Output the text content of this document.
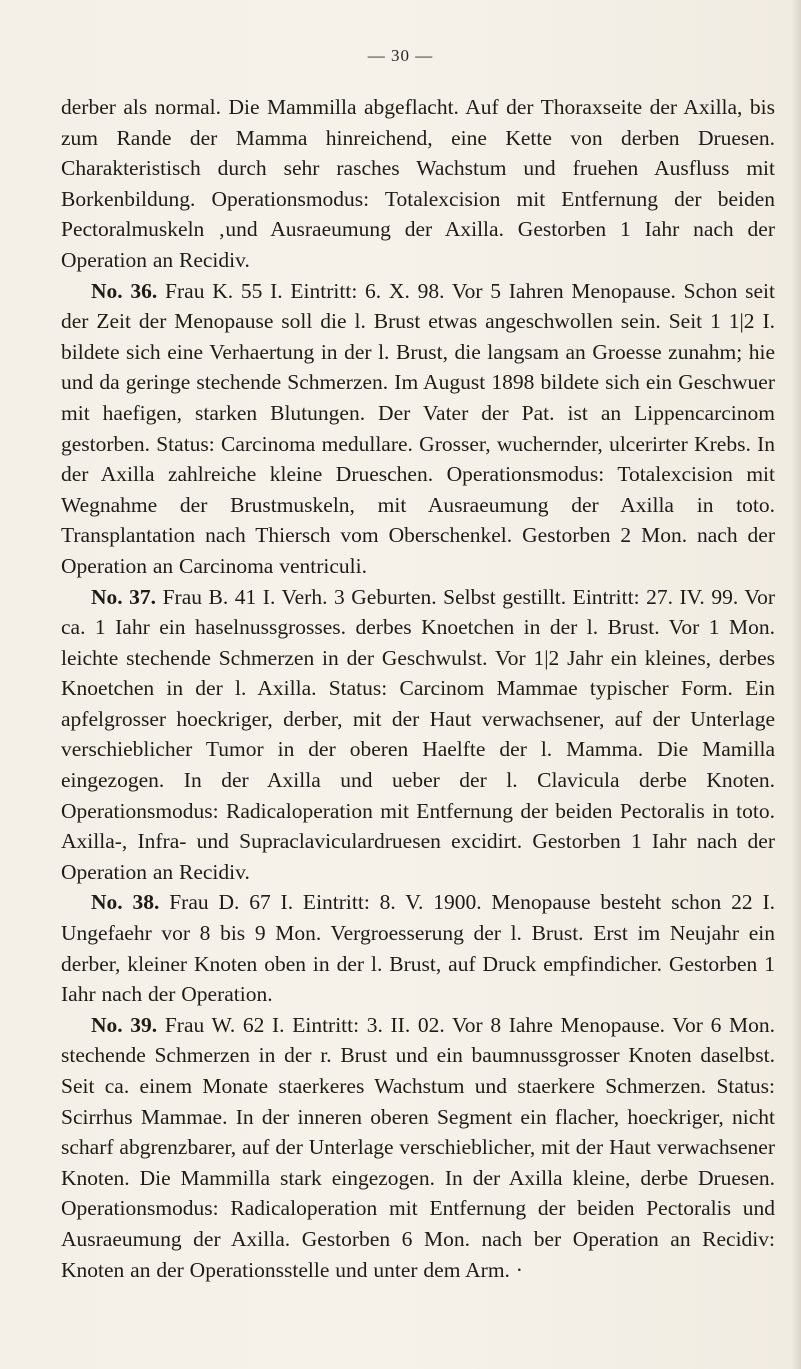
— 30 —

derber als normal. Die Mammilla abgeflacht. Auf der Thoraxseite der Axilla, bis zum Rande der Mamma hinreichend, eine Kette von derben Druesen. Charakteristisch durch sehr rasches Wachstum und fruehen Ausfluss mit Borkenbildung. Operationsmodus: Totalexcision mit Entfernung der beiden Pectoralmuskeln ‚und Ausraeumung der Axilla. Gestorben 1 Iahr nach der Operation an Recidiv.

No. 36. Frau K. 55 I. Eintritt: 6. X. 98. Vor 5 Iahren Menopause. Schon seit der Zeit der Menopause soll die l. Brust etwas angeschwollen sein. Seit 1 1|2 I. bildete sich eine Verhaertung in der l. Brust, die langsam an Groesse zunahm; hie und da geringe stechende Schmerzen. Im August 1898 bildete sich ein Geschwuer mit haefigen, starken Blutungen. Der Vater der Pat. ist an Lippencarcinom gestorben. Status: Carcinoma medullare. Grosser, wuchernder, ulcerirter Krebs. In der Axilla zahlreiche kleine Drueschen. Operationsmodus: Totalexcision mit Wegnahme der Brustmuskeln, mit Ausraeumung der Axilla in toto. Transplantation nach Thiersch vom Oberschenkel. Gestorben 2 Mon. nach der Operation an Carcinoma ventriculi.

No. 37. Frau B. 41 I. Verh. 3 Geburten. Selbst gestillt. Eintritt: 27. IV. 99. Vor ca. 1 Iahr ein haselnussgrosses. derbes Knoetchen in der l. Brust. Vor 1 Mon. leichte stechende Schmerzen in der Geschwulst. Vor 1|2 Jahr ein kleines, derbes Knoetchen in der l. Axilla. Status: Carcinom Mammae typischer Form. Ein apfelgrosser hoeckriger, derber, mit der Haut verwachsener, auf der Unterlage verschieblicher Tumor in der oberen Haelfte der l. Mamma. Die Mamilla eingezogen. In der Axilla und ueber der l. Clavicula derbe Knoten. Operationsmodus: Radicaloperation mit Entfernung der beiden Pectoralis in toto. Axilla-, Infra- und Supraclaviculardruesen excidirt. Gestorben 1 Iahr nach der Operation an Recidiv.

No. 38. Frau D. 67 I. Eintritt: 8. V. 1900. Menopause besteht schon 22 I. Ungefaehr vor 8 bis 9 Mon. Vergroesserung der l. Brust. Erst im Neujahr ein derber, kleiner Knoten oben in der l. Brust, auf Druck empfindicher. Gestorben 1 Iahr nach der Operation.

No. 39. Frau W. 62 I. Eintritt: 3. II. 02. Vor 8 Iahre Menopause. Vor 6 Mon. stechende Schmerzen in der r. Brust und ein baumnussgrosser Knoten daselbst. Seit ca. einem Monate staerkeres Wachstum und staerkere Schmerzen. Status: Scirrhus Mammae. In der inneren oberen Segment ein flacher, hoeckriger, nicht scharf abgrenzbarer, auf der Unterlage verschieblicher, mit der Haut verwachsener Knoten. Die Mammilla stark eingezogen. In der Axilla kleine, derbe Druesen. Operationsmodus: Radicaloperation mit Entfernung der beiden Pectoralis und Ausraeumung der Axilla. Gestorben 6 Mon. nach ber Operation an Recidiv: Knoten an der Operationsstelle und unter dem Arm. ·
